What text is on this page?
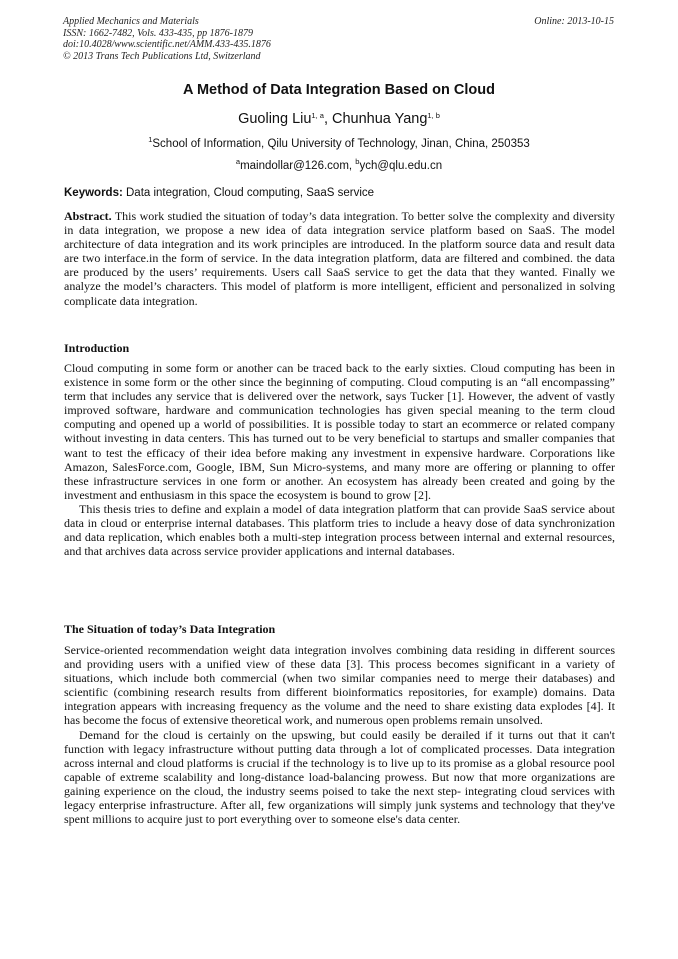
Applied Mechanics and Materials
ISSN: 1662-7482, Vols. 433-435, pp 1876-1879
doi:10.4028/www.scientific.net/AMM.433-435.1876
© 2013 Trans Tech Publications Ltd, Switzerland
Online: 2013-10-15
A Method of Data Integration Based on Cloud
Guoling Liu$^{1, a}$, Chunhua Yang$^{1, b}$
$^1$School of Information, Qilu University of Technology, Jinan, China, 250353
$^a$maindollar@126.com, $^b$ych@qlu.edu.cn
Keywords: Data integration, Cloud computing, SaaS service

Abstract. This work studied the situation of today’s data integration. To better solve the complexity and diversity in data integration, we propose a new idea of data integration service platform based on SaaS. The model architecture of data integration and its work principles are introduced. In the platform source data and result data are two interface.in the form of service. In the data integration platform, data are filtered and combined. the data are produced by the users’ requirements. Users call SaaS service to get the data that they wanted. Finally we analyze the model’s characters. This model of platform is more intelligent, efficient and personalized in solving complicate data integration.

Introduction

Cloud computing in some form or another can be traced back to the early sixties. Cloud computing has been in existence in some form or the other since the beginning of computing. Cloud computing is an “all encompassing” term that includes any service that is delivered over the network, says Tucker [1]. However, the advent of vastly improved software, hardware and communication technologies has given special meaning to the term cloud computing and opened up a world of possibilities. It is possible today to start an ecommerce or related company without investing in data centers. This has turned out to be very beneficial to startups and smaller companies that want to test the efficacy of their idea before making any investment in expensive hardware. Corporations like Amazon, SalesForce.com, Google, IBM, Sun Micro-systems, and many more are offering or planning to offer these infrastructure services in one form or another. An ecosystem has already been created and going by the investment and enthusiasm in this space the ecosystem is bound to grow [2].

This thesis tries to define and explain a model of data integration platform that can provide SaaS service about data in cloud or enterprise internal databases. This platform tries to include a heavy dose of data synchronization and data replication, which enables both a multi-step integration process between internal and external resources, and that archives data across service provider applications and internal databases.

The Situation of today’s Data Integration

Service-oriented recommendation weight data integration involves combining data residing in different sources and providing users with a unified view of these data [3]. This process becomes significant in a variety of situations, which include both commercial (when two similar companies need to merge their databases) and scientific (combining research results from different bioinformatics repositories, for example) domains. Data integration appears with increasing frequency as the volume and the need to share existing data explodes [4]. It has become the focus of extensive theoretical work, and numerous open problems remain unsolved.

Demand for the cloud is certainly on the upswing, but could easily be derailed if it turns out that it can't function with legacy infrastructure without putting data through a lot of complicated processes. Data integration across internal and cloud platforms is crucial if the technology is to live up to its promise as a global resource pool capable of extreme scalability and long-distance load-balancing prowess. But now that more organizations are gaining experience on the cloud, the industry seems poised to take the next step- integrating cloud services with legacy enterprise infrastructure. After all, few organizations will simply junk systems and technology that they've spent millions to acquire just to port everything over to someone else's data center.
